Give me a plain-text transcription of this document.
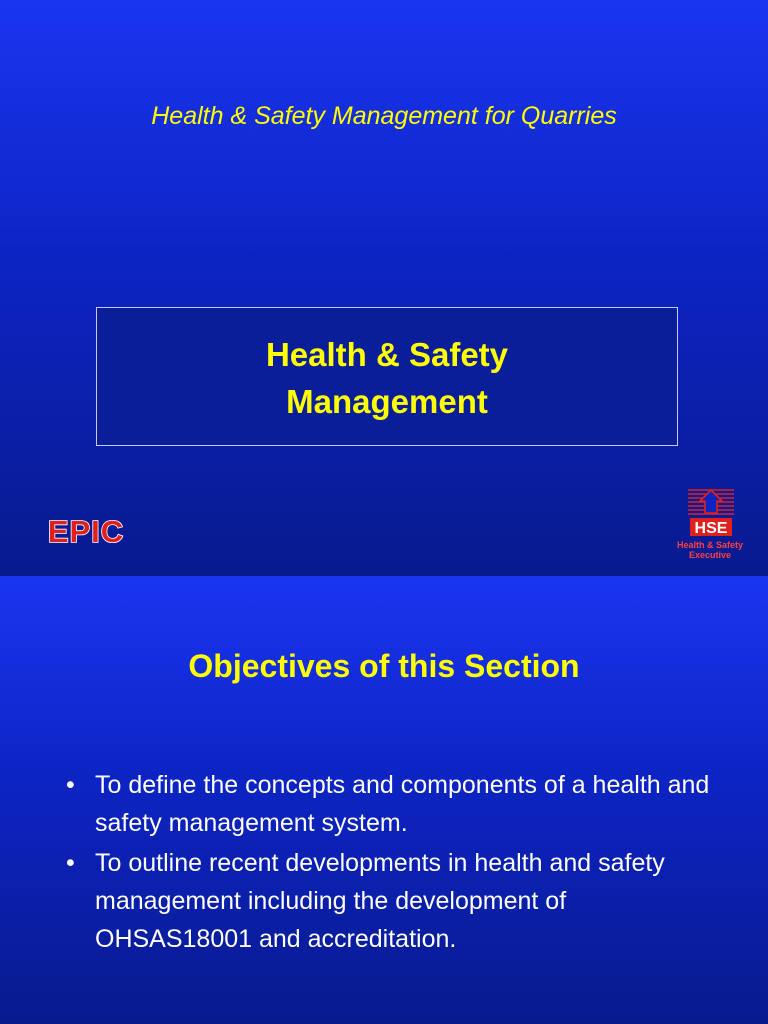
Health & Safety Management for Quarries

Health & Safety

Management

EPIC	HSE

Health & Safety

Executive

Objectives of this Section

• To define the concepts and components of a health and safety management system.
• To outline recent developments in health and safety management including the development of OHSAS18001 and accreditation.
